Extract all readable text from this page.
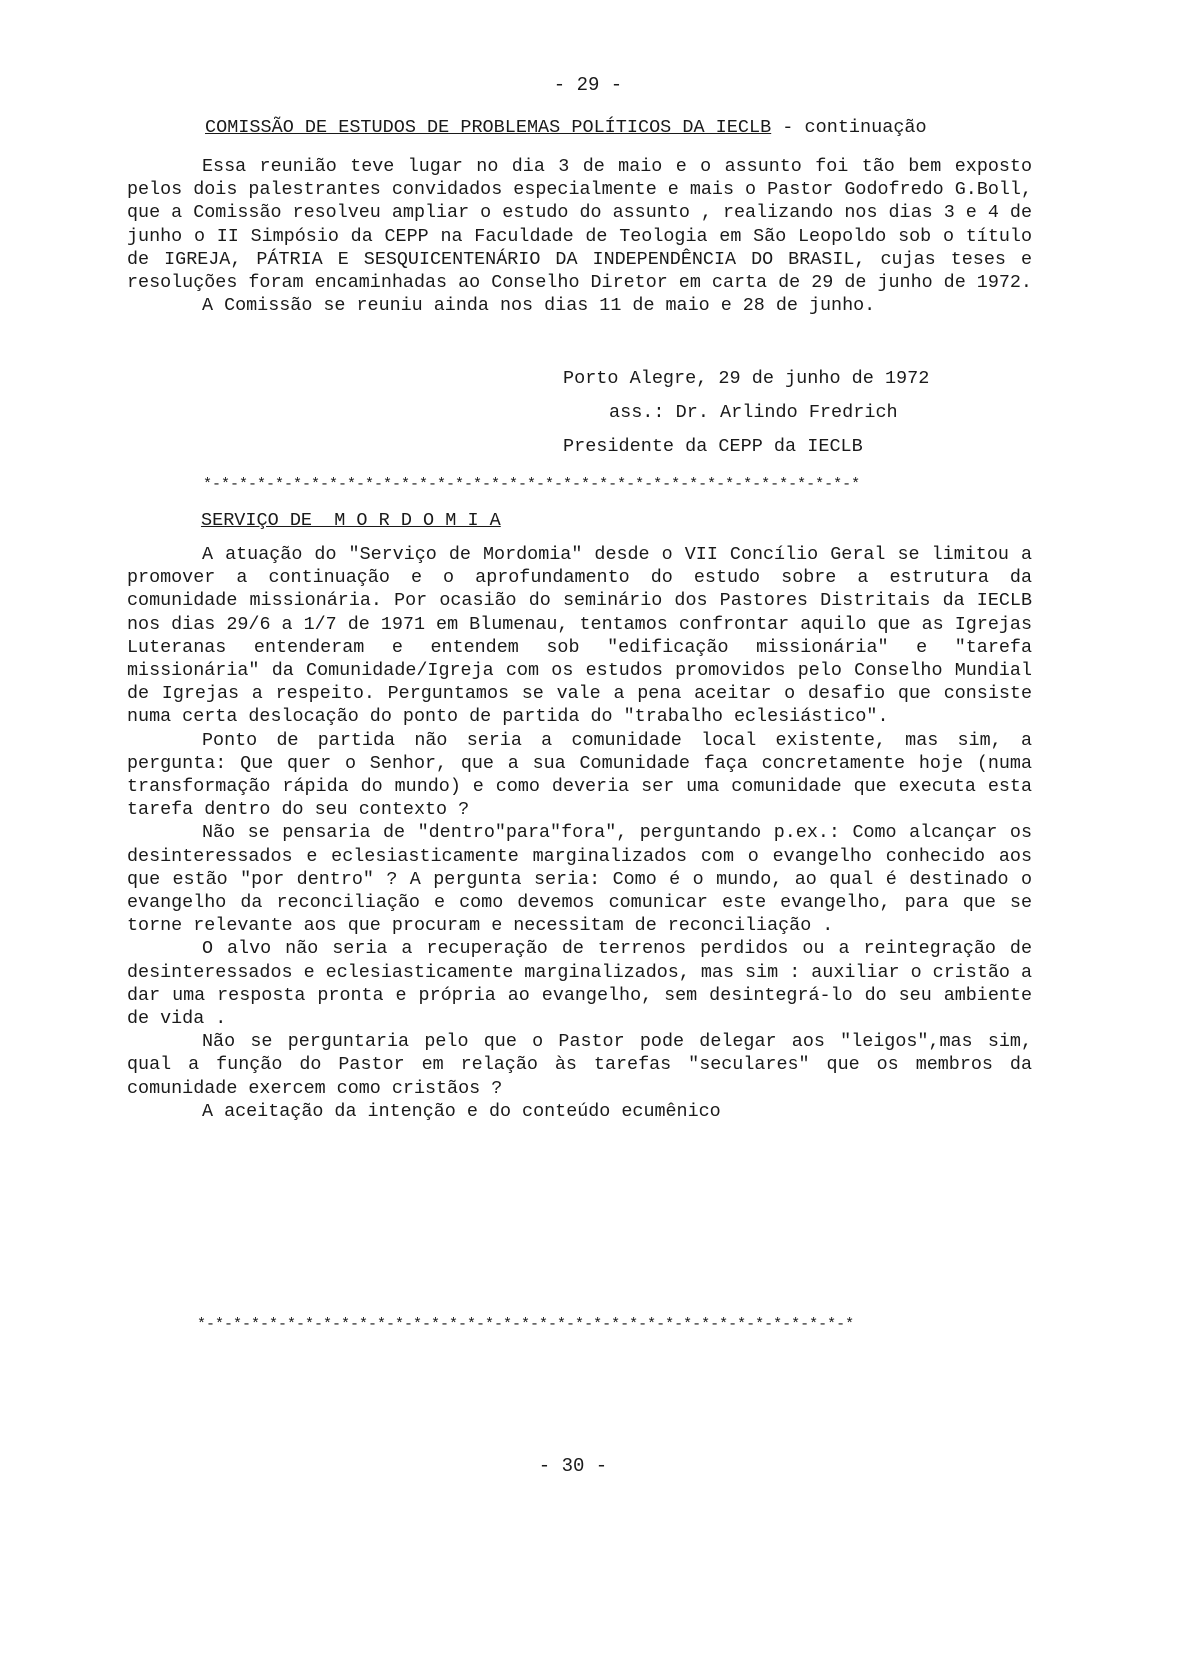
- 29 -
COMISSÃO DE ESTUDOS DE PROBLEMAS POLÍTICOS DA IECLB - continuação

Essa reunião teve lugar no dia 3 de maio e o assunto foi tão bem exposto pelos dois palestrantes convidados especialmente e mais o Pastor Godofredo G.Boll, que a Comissão resolveu ampliar o estudo do assunto , realizando nos dias 3 e 4 de junho o II Simpósio da CEPP na Faculdade de Teologia em São Leopoldo sob o título de IGREJA, PÁTRIA E SESQUICENTENÁRIO DA INDEPENDÊNCIA DO BRASIL, cujas teses e resoluções foram encaminhadas ao Conselho Diretor em carta de 29 de junho de 1972.

A Comissão se reuniu ainda nos dias 11 de maio e 28 de junho.

Porto Alegre, 29 de junho de 1972
ass.: Dr. Arlindo Fredrich
Presidente da CEPP da IECLB
*-*-*-*-*-*-*-*-*-*-*-*-*-*-*-*-*-*-*-*-*-*-*-*-*-*-*-*-*-*-*-*-*-*-*-*-*
SERVIÇO DE  M O R D O M I A

A atuação do "Serviço de Mordomia" desde o VII Concílio Geral se limitou a promover a continuação e o aprofundamento do estudo sobre a estrutura da comunidade missionária. Por ocasião do seminário dos Pastores Distritais da IECLB nos dias 29/6 a 1/7 de 1971 em Blumenau, tentamos confrontar aquilo que as Igrejas Luteranas entenderam e entendem sob "edificação missionária" e "tarefa missionária" da Comunidade/Igreja com os estudos promovidos pelo Conselho Mundial de Igrejas a respeito. Perguntamos se vale a pena aceitar o desafio que consiste numa certa deslocação do ponto de partida do "trabalho eclesiástico".

Ponto de partida não seria a comunidade local existente, mas sim, a pergunta: Que quer o Senhor, que a sua Comunidade faça concretamente hoje (numa transformação rápida do mundo) e como deveria ser uma comunidade que executa esta tarefa dentro do seu contexto ?

Não se pensaria de "dentro"para"fora", perguntando p.ex.: Como alcançar os desinteressados e eclesiasticamente marginalizados com o evangelho conhecido aos que estão "por dentro" ? A pergunta seria: Como é o mundo, ao qual é destinado o evangelho da reconciliação e como devemos comunicar este evangelho, para que se torne relevante aos que procuram e necessitam de reconciliação .

O alvo não seria a recuperação de terrenos perdidos ou a reintegração de desinteressados e eclesiasticamente marginalizados, mas sim : auxiliar o cristão a dar uma resposta pronta e própria ao evangelho, sem desintegrá-lo do seu ambiente de vida .

Não se perguntaria pelo que o Pastor pode delegar aos "leigos",mas sim, qual a função do Pastor em relação às tarefas "seculares" que os membros da comunidade exercem como cristãos ?

A aceitação da intenção e do conteúdo ecumênico

*-*-*-*-*-*-*-*-*-*-*-*-*-*-*-*-*-*-*-*-*-*-*-*-*-*-*-*-*-*-*-*-*-*-*-*-*
- 30 -
